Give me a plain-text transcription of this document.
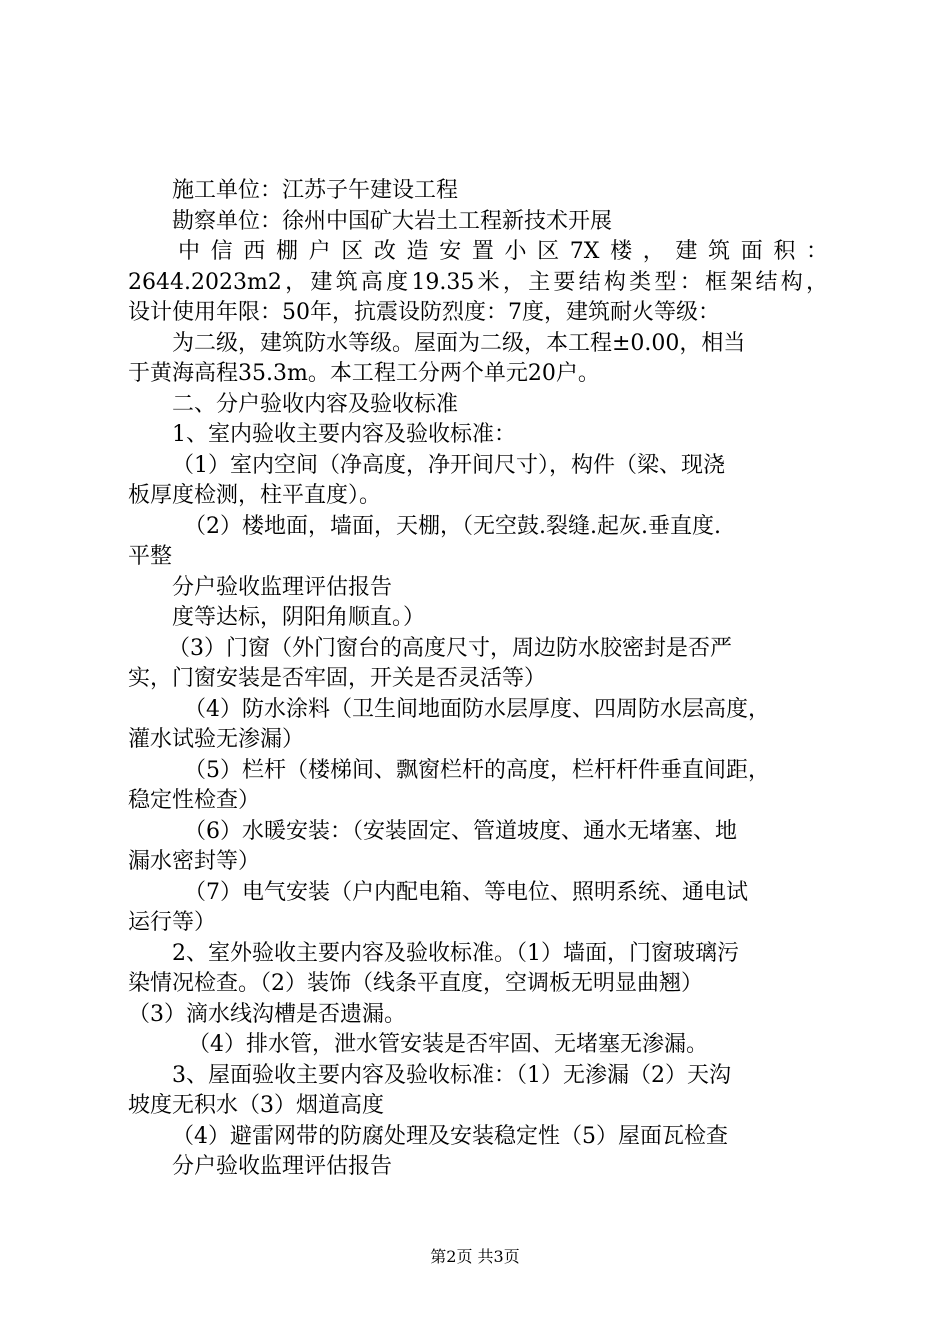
施工单位：江苏子午建设工程
勘察单位：徐州中国矿大岩土工程新技术开展
中信西棚户区改造安置小区7X楼，建筑面积：
2644.2023m2，建筑高度19.35米，主要结构类型：框架结构，
设计使用年限：50年，抗震设防烈度：7度，建筑耐火等级：
为二级，建筑防水等级。屋面为二级，本工程±0.00，相当
于黄海高程35.3m。本工程工分两个单元20户。
二、分户验收内容及验收标准
1、室内验收主要内容及验收标准：
（1）室内空间（净高度，净开间尺寸），构件（梁、现浇
板厚度检测，柱平直度）。
（2）楼地面，墙面，天棚，（无空鼓.裂缝.起灰.垂直度.
平整
分户验收监理评估报告
度等达标，阴阳角顺直。）
（3）门窗（外门窗台的高度尺寸，周边防水胶密封是否严
实，门窗安装是否牢固，开关是否灵活等）
（4）防水涂料（卫生间地面防水层厚度、四周防水层高度，
灌水试验无渗漏）
（5）栏杆（楼梯间、飘窗栏杆的高度，栏杆杆件垂直间距，
稳定性检查）
（6）水暖安装：（安装固定、管道坡度、通水无堵塞、地
漏水密封等）
（7）电气安装（户内配电箱、等电位、照明系统、通电试
运行等）
2、室外验收主要内容及验收标准。（1）墙面，门窗玻璃污
染情况检查。（2）装饰（线条平直度，空调板无明显曲翘）
（3）滴水线沟槽是否遗漏。
（4）排水管，泄水管安装是否牢固、无堵塞无渗漏。
3、屋面验收主要内容及验收标准：（1）无渗漏（2）天沟
坡度无积水（3）烟道高度
（4）避雷网带的防腐处理及安装稳定性（5）屋面瓦检查
分户验收监理评估报告
第2页 共3页
